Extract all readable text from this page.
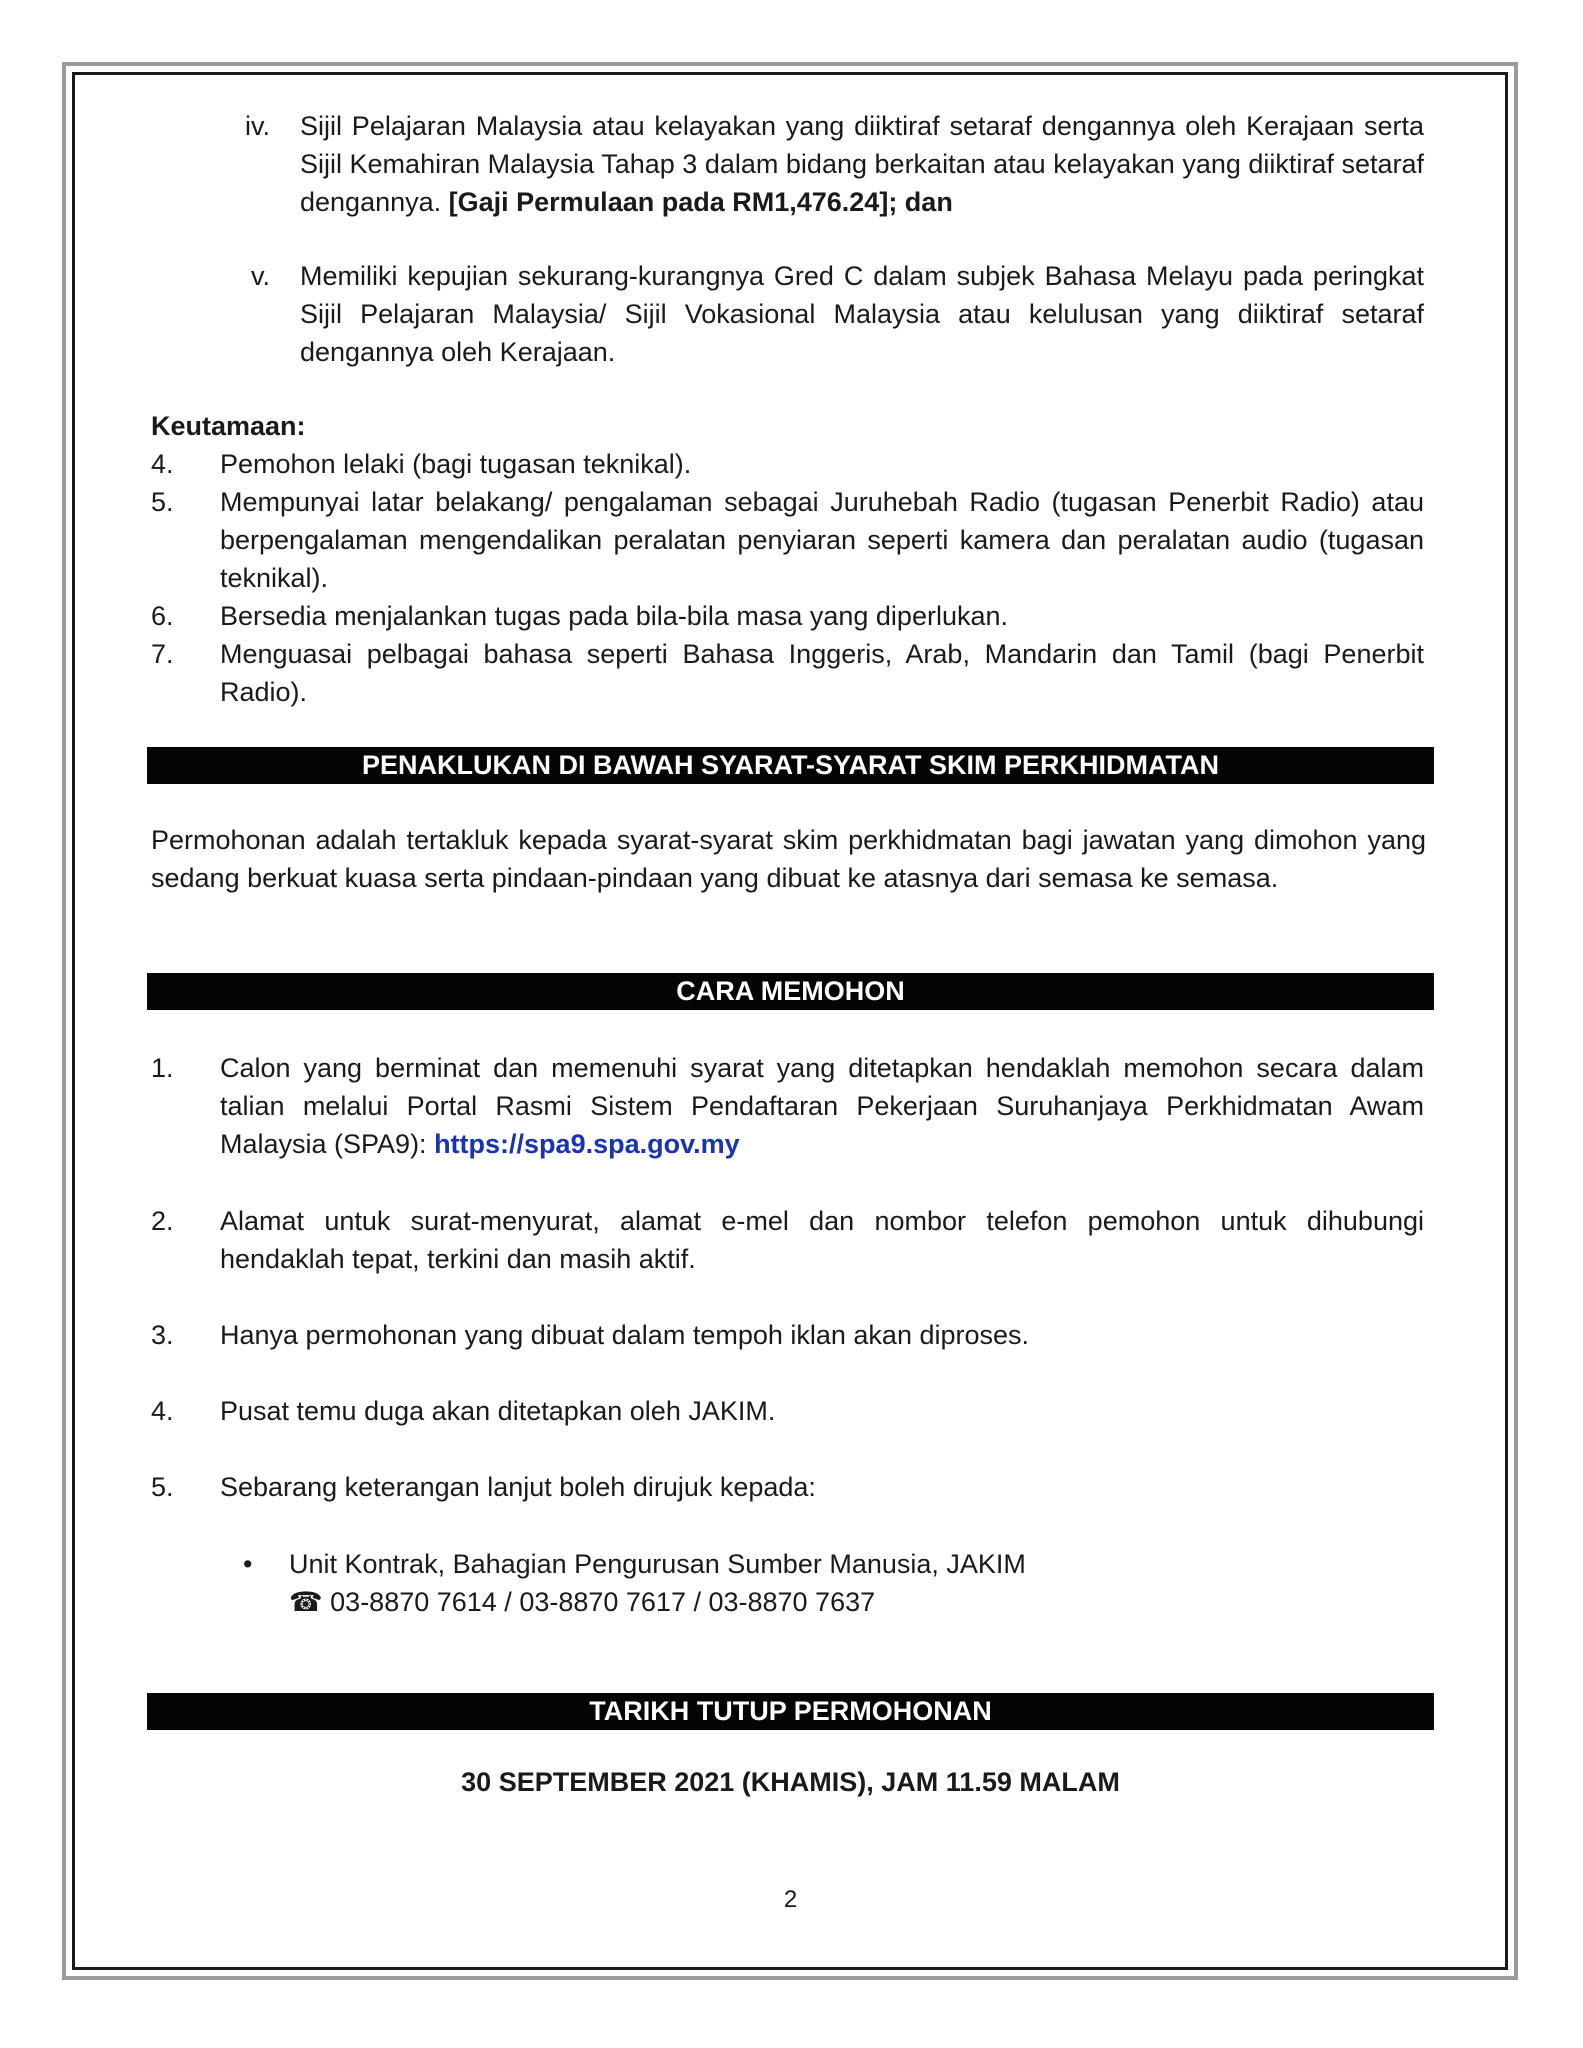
iv. Sijil Pelajaran Malaysia atau kelayakan yang diiktiraf setaraf dengannya oleh Kerajaan serta Sijil Kemahiran Malaysia Tahap 3 dalam bidang berkaitan atau kelayakan yang diiktiraf setaraf dengannya. [Gaji Permulaan pada RM1,476.24]; dan
v. Memiliki kepujian sekurang-kurangnya Gred C dalam subjek Bahasa Melayu pada peringkat Sijil Pelajaran Malaysia/ Sijil Vokasional Malaysia atau kelulusan yang diiktiraf setaraf dengannya oleh Kerajaan.
Keutamaan:
4. Pemohon lelaki (bagi tugasan teknikal).
5. Mempunyai latar belakang/ pengalaman sebagai Juruhebah Radio (tugasan Penerbit Radio) atau berpengalaman mengendalikan peralatan penyiaran seperti kamera dan peralatan audio (tugasan teknikal).
6. Bersedia menjalankan tugas pada bila-bila masa yang diperlukan.
7. Menguasai pelbagai bahasa seperti Bahasa Inggeris, Arab, Mandarin dan Tamil (bagi Penerbit Radio).
PENAKLUKAN DI BAWAH SYARAT-SYARAT SKIM PERKHIDMATAN
Permohonan adalah tertakluk kepada syarat-syarat skim perkhidmatan bagi jawatan yang dimohon yang sedang berkuat kuasa serta pindaan-pindaan yang dibuat ke atasnya dari semasa ke semasa.
CARA MEMOHON
1. Calon yang berminat dan memenuhi syarat yang ditetapkan hendaklah memohon secara dalam talian melalui Portal Rasmi Sistem Pendaftaran Pekerjaan Suruhanjaya Perkhidmatan Awam Malaysia (SPA9): https://spa9.spa.gov.my
2. Alamat untuk surat-menyurat, alamat e-mel dan nombor telefon pemohon untuk dihubungi hendaklah tepat, terkini dan masih aktif.
3. Hanya permohonan yang dibuat dalam tempoh iklan akan diproses.
4. Pusat temu duga akan ditetapkan oleh JAKIM.
5. Sebarang keterangan lanjut boleh dirujuk kepada:
• Unit Kontrak, Bahagian Pengurusan Sumber Manusia, JAKIM
☎ 03-8870 7614 / 03-8870 7617 / 03-8870 7637
TARIKH TUTUP PERMOHONAN
30 SEPTEMBER 2021 (KHAMIS), JAM 11.59 MALAM
2
